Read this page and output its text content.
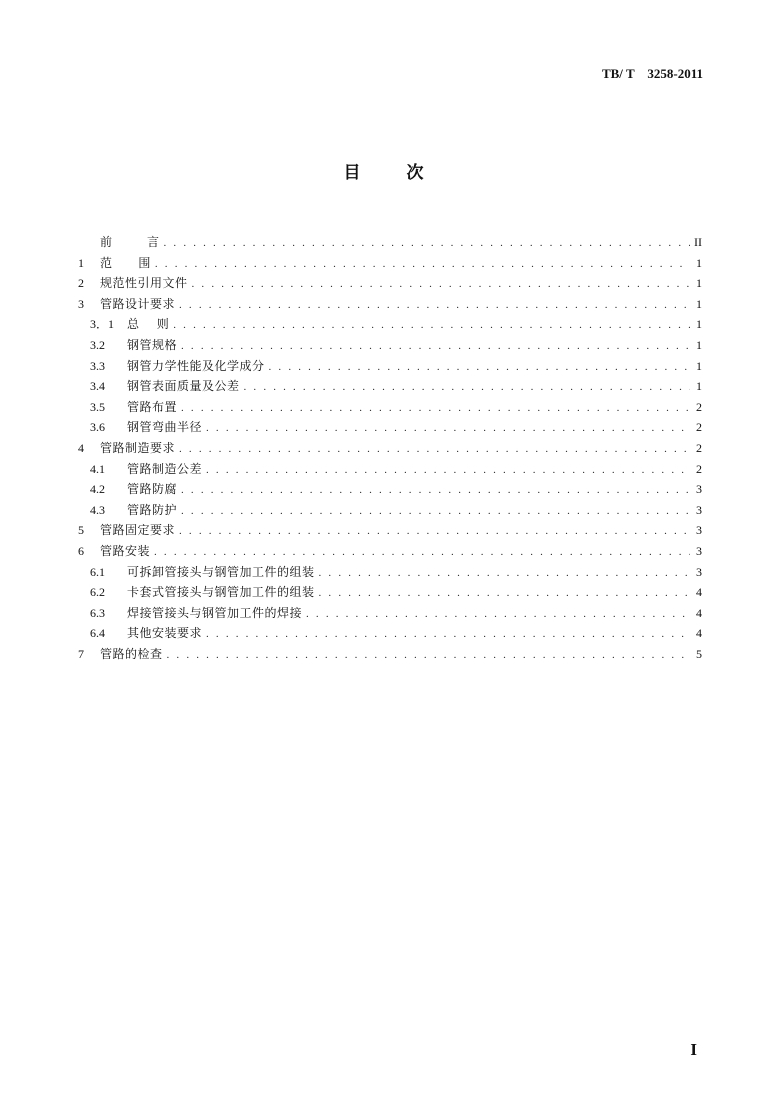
TB/ T    3258-2011
目	次
前        言 . . .	II
1	范      围 . . .	1
2	规范性引用文件 . . .	1
3	管路设计要求 . . .	1
3．1	总    则 . . .	1
3.2	钢管规格 . . .	1
3.3	钢管力学性能及化学成分 . . .	1
3.4	钢管表面质量及公差 . . .	1
3.5	管路布置 . . .	2
3.6	钢管弯曲半径 . . .	2
4	管路制造要求 . . .	2
4.1	管路制造公差 . . .	2
4.2	管路防腐 . . .	3
4.3	管路防护 . . .	3
5	管路固定要求 . . .	3
6	管路安装 . . .	3
6.1	可拆卸管接头与钢管加工件的组装 . . .	3
6.2	卡套式管接头与钢管加工件的组装 . . .	4
6.3	焊接管接头与钢管加工件的焊接 . . .	4
6.4	其他安装要求 . . .	4
7	管路的检查 . . .	5
I
